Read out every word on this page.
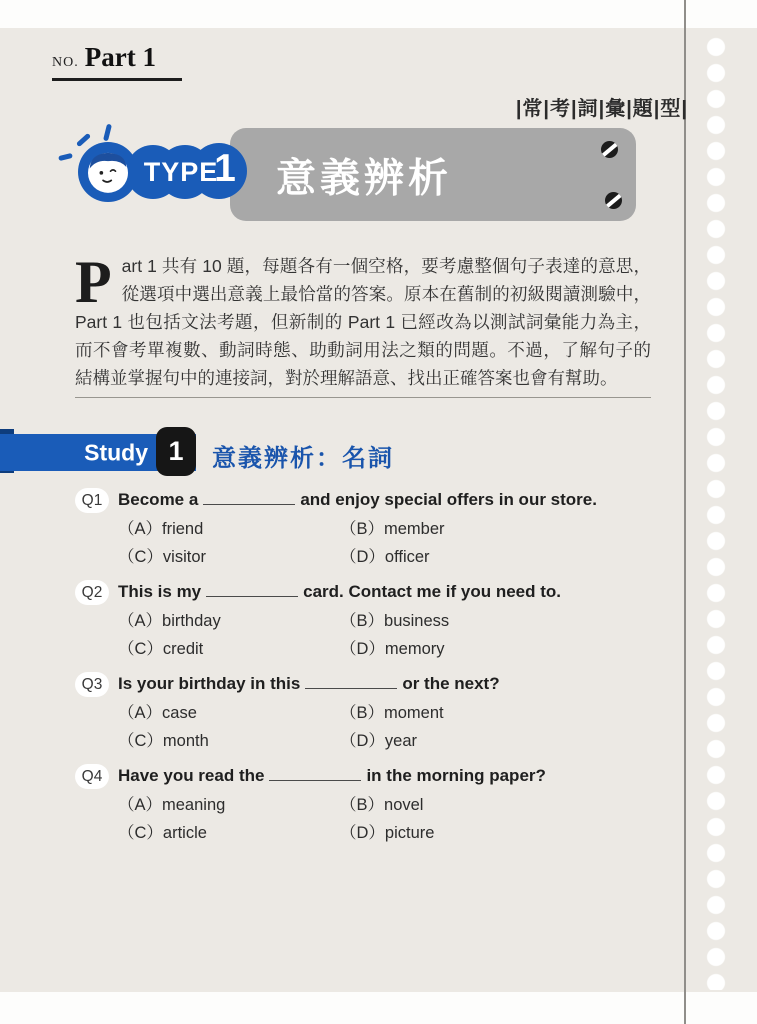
NO. Part 1
|常|考|詞|彙|題|型|
意義辨析
TYPE
1
Part 1 共有 10 題，每題各有一個空格，要考慮整個句子表達的意思，從選項中選出意義上最恰當的答案。原本在舊制的初級閱讀測驗中，Part 1 也包括文法考題，但新制的 Part 1 已經改為以測試詞彙能力為主，而不會考單複數、動詞時態、助動詞用法之類的問題。不過，了解句子的結構並掌握句中的連接詞，對於理解語意、找出正確答案也會有幫助。
Study 1	意義辨析：名詞
Q1 Become a	and enjoy special offers in our store.
（A）friend	（B）member
（C）visitor	（D）officer
Q2 This is my	card. Contact me if you need to.
（A）birthday	（B）business
（C）credit	（D）memory
Q3 Is your birthday in this	or the next?
（A）case	（B）moment
（C）month	（D）year
Q4 Have you read the	in the morning paper?
（A）meaning	（B）novel
（C）article	（D）picture
